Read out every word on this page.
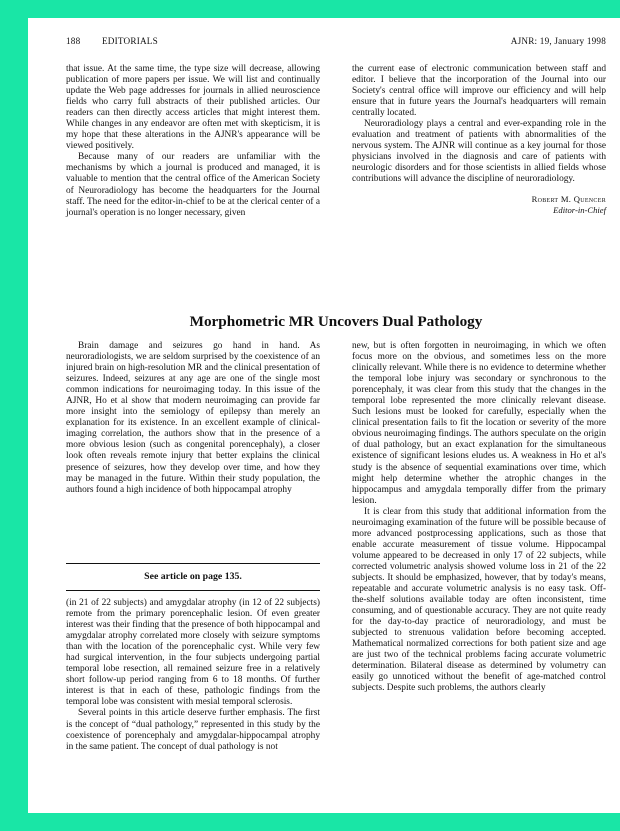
188 EDITORIALS	AJNR: 19, January 1998

that issue. At the same time, the type size will decrease, allowing publication of more papers per issue. We will list and continually update the Web page addresses for journals in allied neuroscience fields who carry full abstracts of their published articles. Our readers can then directly access articles that might interest them. While changes in any endeavor are often met with skepticism, it is my hope that these alterations in the AJNR's appearance will be viewed positively.

Because many of our readers are unfamiliar with the mechanisms by which a journal is produced and managed, it is valuable to mention that the central office of the American Society of Neuroradiology has become the headquarters for the Journal staff. The need for the editor-in-chief to be at the clerical center of a journal's operation is no longer necessary, given

the current ease of electronic communication between staff and editor. I believe that the incorporation of the Journal into our Society's central office will improve our efficiency and will help ensure that in future years the Journal's headquarters will remain centrally located.

Neuroradiology plays a central and ever-expanding role in the evaluation and treatment of patients with abnormalities of the nervous system. The AJNR will continue as a key journal for those physicians involved in the diagnosis and care of patients with neurologic disorders and for those scientists in allied fields whose contributions will advance the discipline of neuroradiology.

Robert M. Quencer
Editor-in-Chief
Morphometric MR Uncovers Dual Pathology

Brain damage and seizures go hand in hand. As neuroradiologists, we are seldom surprised by the coexistence of an injured brain on high-resolution MR and the clinical presentation of seizures. Indeed, seizures at any age are one of the single most common indications for neuroimaging today. In this issue of the AJNR, Ho et al show that modern neuroimaging can provide far more insight into the semiology of epilepsy than merely an explanation for its existence. In an excellent example of clinical-imaging correlation, the authors show that in the presence of a more obvious lesion (such as congenital porencephaly), a closer look often reveals remote injury that better explains the clinical presence of seizures, how they develop over time, and how they may be managed in the future. Within their study population, the authors found a high incidence of both hippocampal atrophy

See article on page 135.

(in 21 of 22 subjects) and amygdalar atrophy (in 12 of 22 subjects) remote from the primary porencephalic lesion. Of even greater interest was their finding that the presence of both hippocampal and amygdalar atrophy correlated more closely with seizure symptoms than with the location of the porencephalic cyst. While very few had surgical intervention, in the four subjects undergoing partial temporal lobe resection, all remained seizure free in a relatively short follow-up period ranging from 6 to 18 months. Of further interest is that in each of these, pathologic findings from the temporal lobe was consistent with mesial temporal sclerosis.

Several points in this article deserve further emphasis. The first is the concept of “dual pathology,” represented in this study by the coexistence of porencephaly and amygdalar-hippocampal atrophy in the same patient. The concept of dual pathology is not

new, but is often forgotten in neuroimaging, in which we often focus more on the obvious, and sometimes less on the more clinically relevant. While there is no evidence to determine whether the temporal lobe injury was secondary or synchronous to the porencephaly, it was clear from this study that the changes in the temporal lobe represented the more clinically relevant disease. Such lesions must be looked for carefully, especially when the clinical presentation fails to fit the location or severity of the more obvious neuroimaging findings. The authors speculate on the origin of dual pathology, but an exact explanation for the simultaneous existence of significant lesions eludes us. A weakness in Ho et al's study is the absence of sequential examinations over time, which might help determine whether the atrophic changes in the hippocampus and amygdala temporally differ from the primary lesion.

It is clear from this study that additional information from the neuroimaging examination of the future will be possible because of more advanced postprocessing applications, such as those that enable accurate measurement of tissue volume. Hippocampal volume appeared to be decreased in only 17 of 22 subjects, while corrected volumetric analysis showed volume loss in 21 of the 22 subjects. It should be emphasized, however, that by today's means, repeatable and accurate volumetric analysis is no easy task. Off-the-shelf solutions available today are often inconsistent, time consuming, and of questionable accuracy. They are not quite ready for the day-to-day practice of neuroradiology, and must be subjected to strenuous validation before becoming accepted. Mathematical normalized corrections for both patient size and age are just two of the technical problems facing accurate volumetric determination. Bilateral disease as determined by volumetry can easily go unnoticed without the benefit of age-matched control subjects. Despite such problems, the authors clearly
